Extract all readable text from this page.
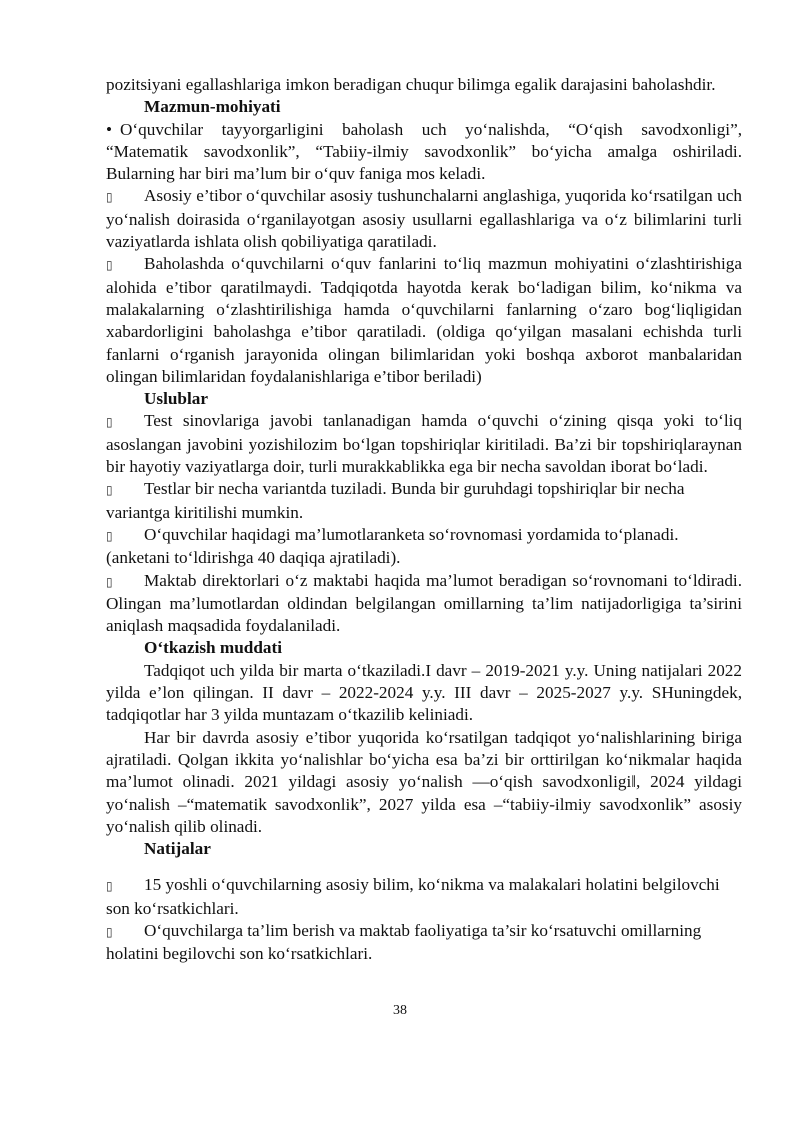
pozitsiyani egallashlariga imkon beradigan chuqur bilimga egalik darajasini baholashdir.

Mazmun-mohiyati

• O‘quvchilar tayyorgarligini baholash uch yo‘nalishda, “O‘qish savodxonligi”, “Matematik savodxonlik”, “Tabiiy-ilmiy savodxonlik” bo‘yicha amalga oshiriladi. Bularning har biri ma’lum bir o‘quv faniga mos keladi.

▯ Asosiy e’tibor o‘quvchilar asosiy tushunchalarni anglashiga, yuqorida ko‘rsatilgan uch yo‘nalish doirasida o‘rganilayotgan asosiy usullarni egallashlariga va o‘z bilimlarini turli vaziyatlarda ishlata olish qobiliyatiga qaratiladi.

▯ Baholashda o‘quvchilarni o‘quv fanlarini to‘liq mazmun mohiyatini o‘zlashtirishiga alohida e’tibor qaratilmaydi. Tadqiqotda hayotda kerak bo‘ladigan bilim, ko‘nikma va malakalarning o‘zlashtirilishiga hamda o‘quvchilarni fanlarning o‘zaro bog‘liqligidan xabardorligini baholashga e’tibor qaratiladi. (oldiga qo‘yilgan masalani echishda turli fanlarni o‘rganish jarayonida olingan bilimlaridan yoki boshqa axborot manbalaridan olingan bilimlaridan foydalanishlariga e’tibor beriladi)

Uslublar

▯ Test sinovlariga javobi tanlanadigan hamda o‘quvchi o‘zining qisqa yoki to‘liq asoslangan javobini yozishilozim bo‘lgan topshiriqlar kiritiladi. Ba’zi bir topshiriqlaraynan bir hayotiy vaziyatlarga doir, turli murakkablikka ega bir necha savoldan iborat bo‘ladi.

▯ Testlar bir necha variantda tuziladi. Bunda bir guruhdagi topshiriqlar bir necha variantga kiritilishi mumkin.

▯ O‘quvchilar haqidagi ma’lumotlaranketa so‘rovnomasi yordamida to‘planadi. (anketani to‘ldirishga 40 daqiqa ajratiladi).

▯ Maktab direktorlari o‘z maktabi haqida ma’lumot beradigan so‘rovnomani to‘ldiradi. Olingan ma’lumotlardan oldindan belgilangan omillarning ta’lim natijadorligiga ta’sirini aniqlash maqsadida foydalaniladi.

O‘tkazish muddati

Tadqiqot uch yilda bir marta o‘tkaziladi.I davr – 2019-2021 y.y. Uning natijalari 2022 yilda e’lon qilingan. II davr – 2022-2024 y.y. III davr – 2025-2027 y.y. SHuningdek, tadqiqotlar har 3 yilda muntazam o‘tkazilib keliniadi.

Har bir davrda asosiy e’tibor yuqorida ko‘rsatilgan tadqiqot yo‘nalishlarining biriga ajratiladi. Qolgan ikkita yo‘nalishlar bo‘yicha esa ba’zi bir orttirilgan ko‘nikmalar haqida ma’lumot olinadi. 2021 yildagi asosiy yo‘nalish ―o‘qish savodxonligi‖, 2024 yildagi yo‘nalish –“matematik savodxonlik”, 2027 yilda esa –“tabiiy-ilmiy savodxonlik” asosiy yo‘nalish qilib olinadi.

Natijalar

▯ 15 yoshli o‘quvchilarning asosiy bilim, ko‘nikma va malakalari holatini belgilovchi son ko‘rsatkichlari.

▯ O‘quvchilarga ta’lim berish va maktab faoliyatiga ta’sir ko‘rsatuvchi omillarning holatini begilovchi son ko‘rsatkichlari.

38
